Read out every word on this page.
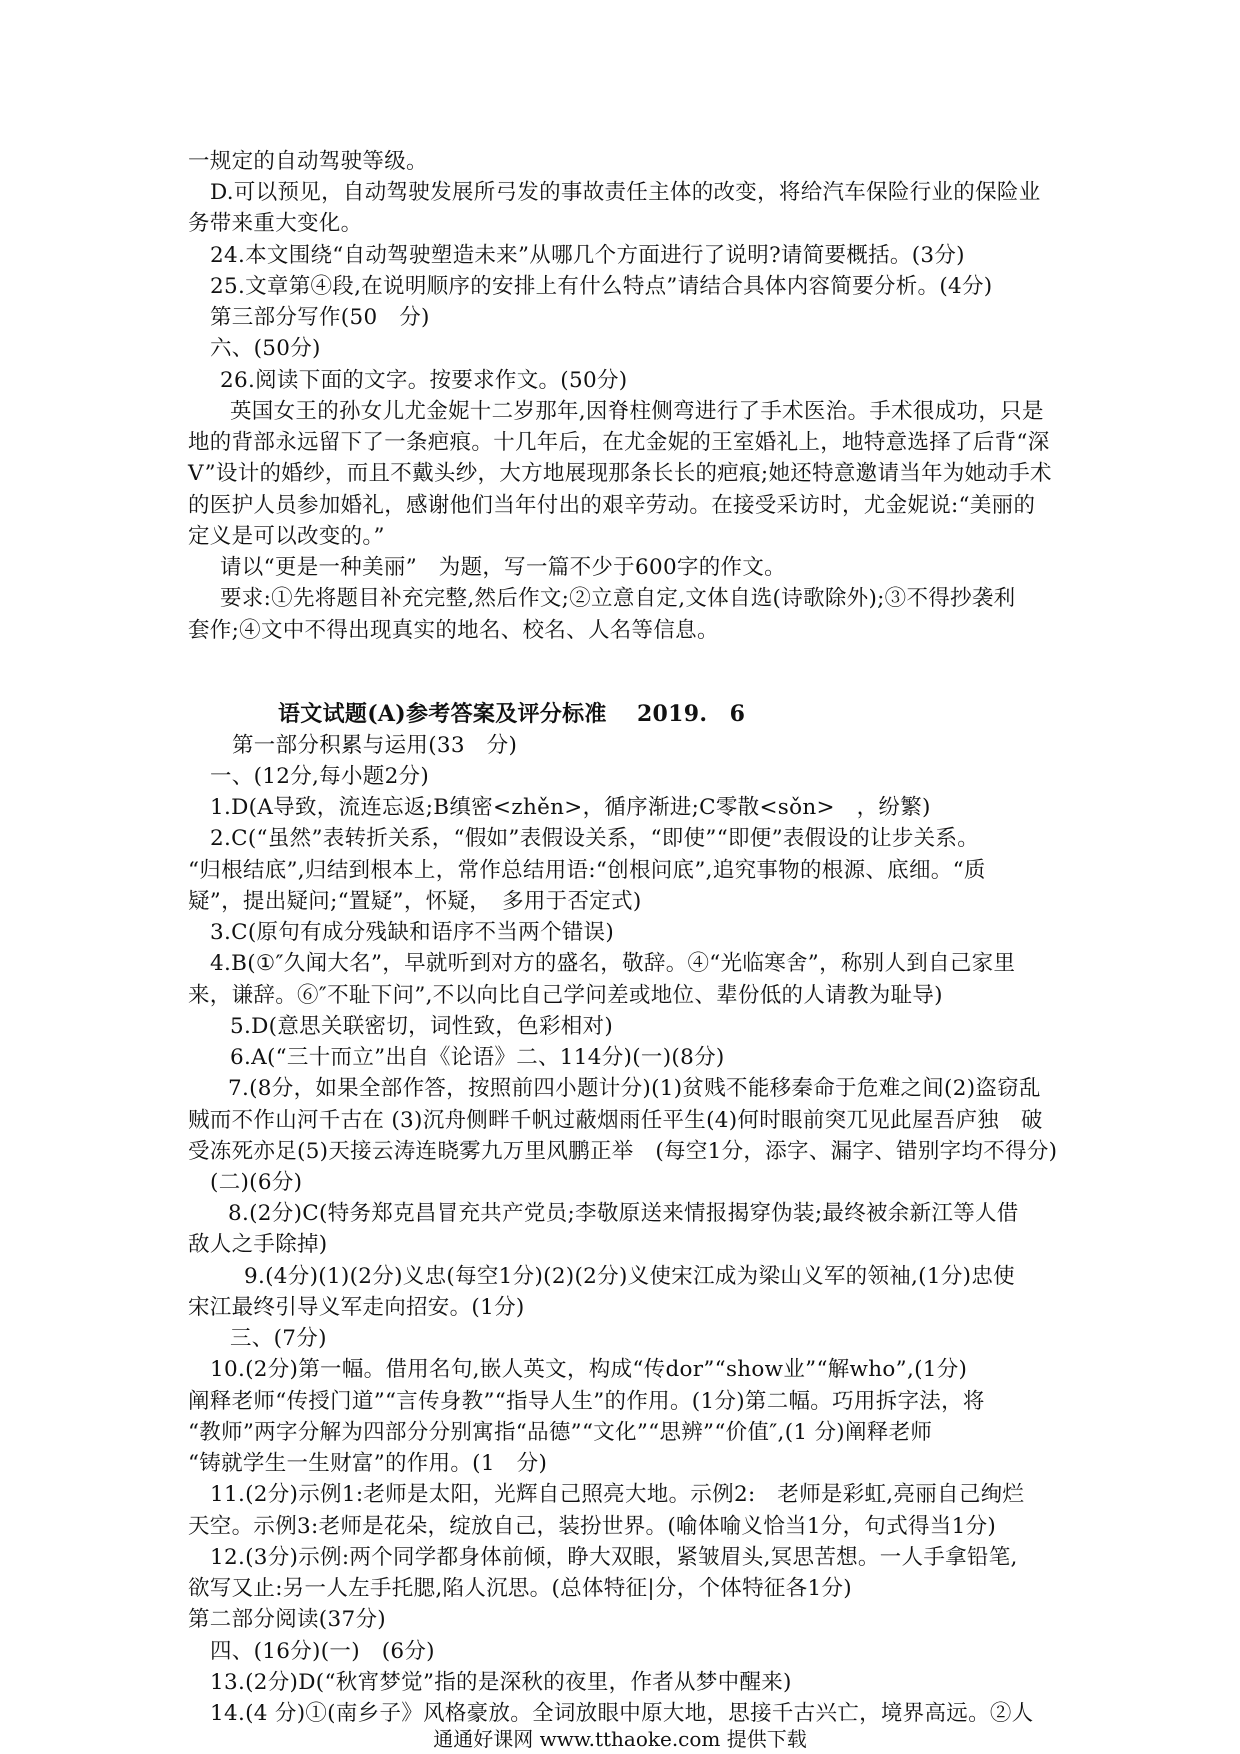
一规定的自动驾驶等级。
D.可以预见，自动驾驶发展所弓发的事故责任主体的改变，将给汽车保险行业的保险业
务带来重大变化。
24.本文围绕“自动驾驶塑造未来”从哪几个方面进行了说明?请简要概括。(3分)
25.文章第④段,在说明顺序的安排上有什么特点”请结合具体内容简要分析。(4分)
第三部分写作(50　分)
六、(50分)
26.阅读下面的文字。按要求作文。(50分)
英国女王的孙女儿尤金妮十二岁那年,因脊柱侧弯进行了手术医治。手术很成功，只是
地的背部永远留下了一条疤痕。十几年后，在尤金妮的王室婚礼上，地特意选择了后背“深
V”设计的婚纱，而且不戴头纱，大方地展现那条长长的疤痕;她还特意邀请当年为她动手术
的医护人员参加婚礼，感谢他们当年付出的艰辛劳动。在接受采访时，尤金妮说:“美丽的
定义是可以改变的。”
请以“更是一种美丽”　为题，写一篇不少于600字的作文。
要求:①先将题目补充完整,然后作文;②立意自定,文体自选(诗歌除外);③不得抄袭利
套作;④文中不得出现真实的地名、校名、人名等信息。
语文试题(A)参考答案及评分标准　 2019.　6
第一部分积累与运用(33　分)
一、(12分,每小题2分)
1.D(A导致，流连忘返;B缜密<zhěn>，循序渐进;C零散<sǒn>　，纷繁)
2.C(“虽然”表转折关系，“假如”表假设关系，“即使”“即便”表假设的让步关系。
“归根结底”,归结到根本上，常作总结用语:“创根问底”,追究事物的根源、底细。“质
疑”，提出疑问;“置疑”，怀疑，　多用于否定式)
3.C(原句有成分残缺和语序不当两个错误)
4.B(①″久闻大名”，早就听到对方的盛名，敬辞。④“光临寒舍”，称别人到自己家里
来，谦辞。⑥″不耻下问”,不以向比自己学问差或地位、辈份低的人请教为耻导)
5.D(意思关联密切，词性致，色彩相对)
6.A(“三十而立”出自《论语》二、114分)(一)(8分)
7.(8分，如果全部作答，按照前四小题计分)(1)贫贱不能移秦命于危难之间(2)盗窃乱
贼而不作山河千古在 (3)沉舟侧畔千帆过蔽烟雨任平生(4)何时眼前突兀见此屋吾庐独　破
受冻死亦足(5)天接云涛连晓雾九万里风鹏正举　(每空1分，添字、漏字、错别字均不得分)
(二)(6分)
8.(2分)C(特务郑克昌冒充共产党员;李敬原送来情报揭穿伪装;最终被余新江等人借
敌人之手除掉)
9.(4分)(1)(2分)义忠(每空1分)(2)(2分)义使宋江成为梁山义军的领袖,(1分)忠使
宋江最终引导义军走向招安。(1分)
三、(7分)
10.(2分)第一幅。借用名句,嵌人英文，构成“传dor”“show业”“解who”,(1分)
阐释老师“传授门道”“言传身教”“指导人生”的作用。(1分)第二幅。巧用拆字法，将
“教师”两字分解为四部分分别寓指“品德”“文化”“思辨”“价值″,(1 分)阐释老师
“铸就学生一生财富”的作用。(1　分)
11.(2分)示例1:老师是太阳，光辉自己照亮大地。示例2:　老师是彩虹,亮丽自己绚烂
天空。示例3:老师是花朵，绽放自己，装扮世界。(喻体喻义恰当1分，句式得当1分)
12.(3分)示例:两个同学都身体前倾，睁大双眼，紧皱眉头,冥思苦想。一人手拿铅笔,
欲写又止:另一人左手托腮,陷人沉思。(总体特征|分，个体特征各1分)
第二部分阅读(37分)
四、(16分)(一)　(6分)
13.(2分)D(“秋宵梦觉”指的是深秋的夜里，作者从梦中醒来)
14.(4 分)①(南乡子》风格豪放。全词放眼中原大地，思接千古兴亡，境界高远。②人
通通好课网 www.tthaoke.com 提供下载
